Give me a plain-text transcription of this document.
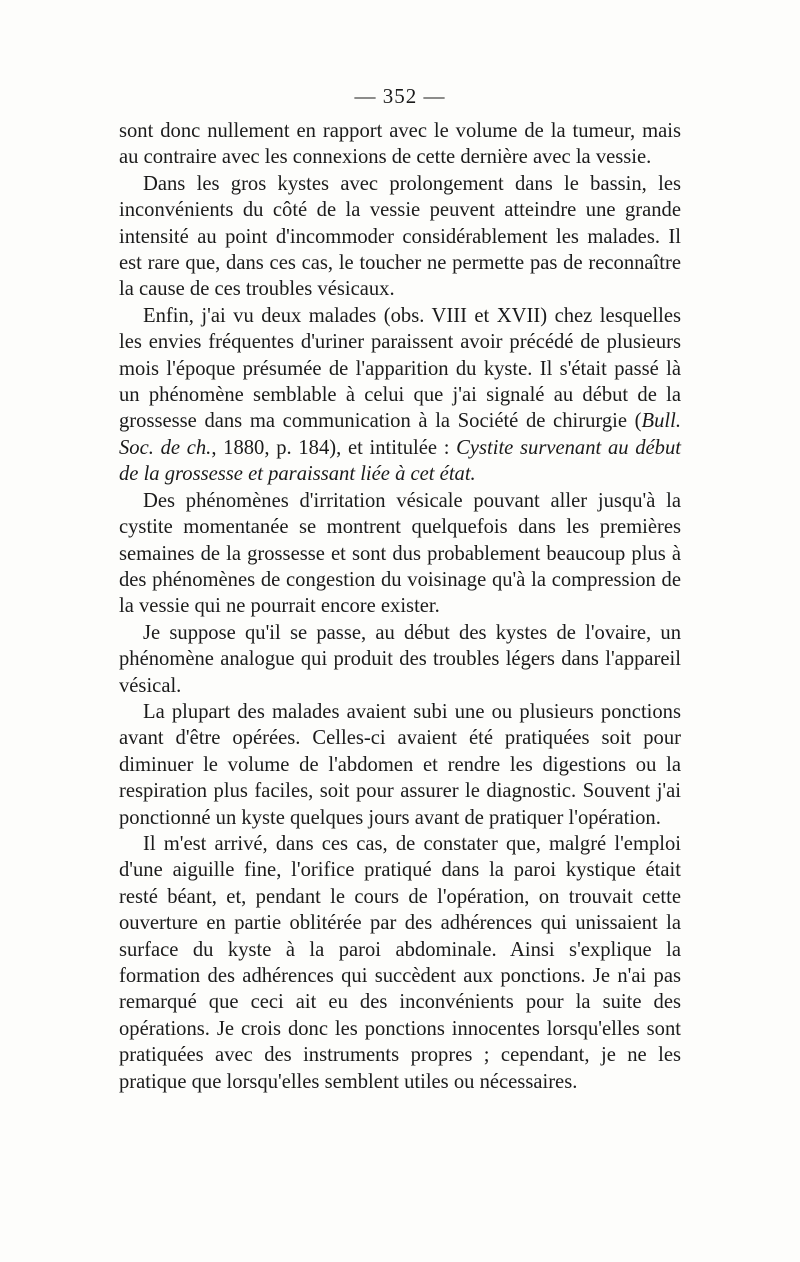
— 352 —

sont donc nullement en rapport avec le volume de la tumeur, mais au contraire avec les connexions de cette dernière avec la vessie.

Dans les gros kystes avec prolongement dans le bassin, les inconvénients du côté de la vessie peuvent atteindre une grande intensité au point d'incommoder considérablement les malades. Il est rare que, dans ces cas, le toucher ne permette pas de reconnaître la cause de ces troubles vésicaux.

Enfin, j'ai vu deux malades (obs. VIII et XVII) chez lesquelles les envies fréquentes d'uriner paraissent avoir précédé de plusieurs mois l'époque présumée de l'apparition du kyste. Il s'était passé là un phénomène semblable à celui que j'ai signalé au début de la grossesse dans ma communication à la Société de chirurgie (Bull. Soc. de ch., 1880, p. 184), et intitulée : Cystite survenant au début de la grossesse et paraissant liée à cet état.

Des phénomènes d'irritation vésicale pouvant aller jusqu'à la cystite momentanée se montrent quelquefois dans les premières semaines de la grossesse et sont dus probablement beaucoup plus à des phénomènes de congestion du voisinage qu'à la compression de la vessie qui ne pourrait encore exister.

Je suppose qu'il se passe, au début des kystes de l'ovaire, un phénomène analogue qui produit des troubles légers dans l'appareil vésical.

La plupart des malades avaient subi une ou plusieurs ponctions avant d'être opérées. Celles-ci avaient été pratiquées soit pour diminuer le volume de l'abdomen et rendre les digestions ou la respiration plus faciles, soit pour assurer le diagnostic. Souvent j'ai ponctionné un kyste quelques jours avant de pratiquer l'opération.

Il m'est arrivé, dans ces cas, de constater que, malgré l'emploi d'une aiguille fine, l'orifice pratiqué dans la paroi kystique était resté béant, et, pendant le cours de l'opération, on trouvait cette ouverture en partie oblitérée par des adhérences qui unissaient la surface du kyste à la paroi abdominale. Ainsi s'explique la formation des adhérences qui succèdent aux ponctions. Je n'ai pas remarqué que ceci ait eu des inconvénients pour la suite des opérations. Je crois donc les ponctions innocentes lorsqu'elles sont pratiquées avec des instruments propres ; cependant, je ne les pratique que lorsqu'elles semblent utiles ou nécessaires.
